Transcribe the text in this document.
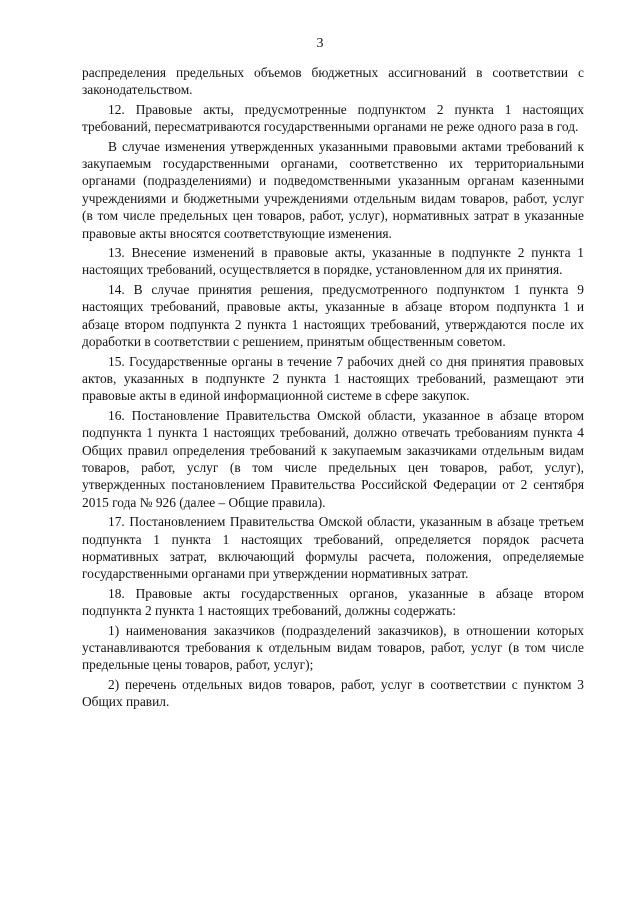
3

распределения предельных объемов бюджетных ассигнований в соответствии с законодательством.

12. Правовые акты, предусмотренные подпунктом 2 пункта 1 настоящих требований, пересматриваются государственными органами не реже одного раза в год.

В случае изменения утвержденных указанными правовыми актами требований к закупаемым государственными органами, соответственно их территориальными органами (подразделениями) и подведомственными указанным органам казенными учреждениями и бюджетными учреждениями отдельным видам товаров, работ, услуг (в том числе предельных цен товаров, работ, услуг), нормативных затрат в указанные правовые акты вносятся соответствующие изменения.

13. Внесение изменений в правовые акты, указанные в подпункте 2 пункта 1 настоящих требований, осуществляется в порядке, установленном для их принятия.

14. В случае принятия решения, предусмотренного подпунктом 1 пункта 9 настоящих требований, правовые акты, указанные в абзаце втором подпункта 1 и абзаце втором подпункта 2 пункта 1 настоящих требований, утверждаются после их доработки в соответствии с решением, принятым общественным советом.

15. Государственные органы в течение 7 рабочих дней со дня принятия правовых актов, указанных в подпункте 2 пункта 1 настоящих требований, размещают эти правовые акты в единой информационной системе в сфере закупок.

16. Постановление Правительства Омской области, указанное в абзаце втором подпункта 1 пункта 1 настоящих требований, должно отвечать требованиям пункта 4 Общих правил определения требований к закупаемым заказчиками отдельным видам товаров, работ, услуг (в том числе предельных цен товаров, работ, услуг), утвержденных постановлением Правительства Российской Федерации от 2 сентября 2015 года № 926 (далее – Общие правила).

17. Постановлением Правительства Омской области, указанным в абзаце третьем подпункта 1 пункта 1 настоящих требований, определяется порядок расчета нормативных затрат, включающий формулы расчета, положения, определяемые государственными органами при утверждении нормативных затрат.

18. Правовые акты государственных органов, указанные в абзаце втором подпункта 2 пункта 1 настоящих требований, должны содержать:

1) наименования заказчиков (подразделений заказчиков), в отношении которых устанавливаются требования к отдельным видам товаров, работ, услуг (в том числе предельные цены товаров, работ, услуг);

2) перечень отдельных видов товаров, работ, услуг в соответствии с пунктом 3 Общих правил.
